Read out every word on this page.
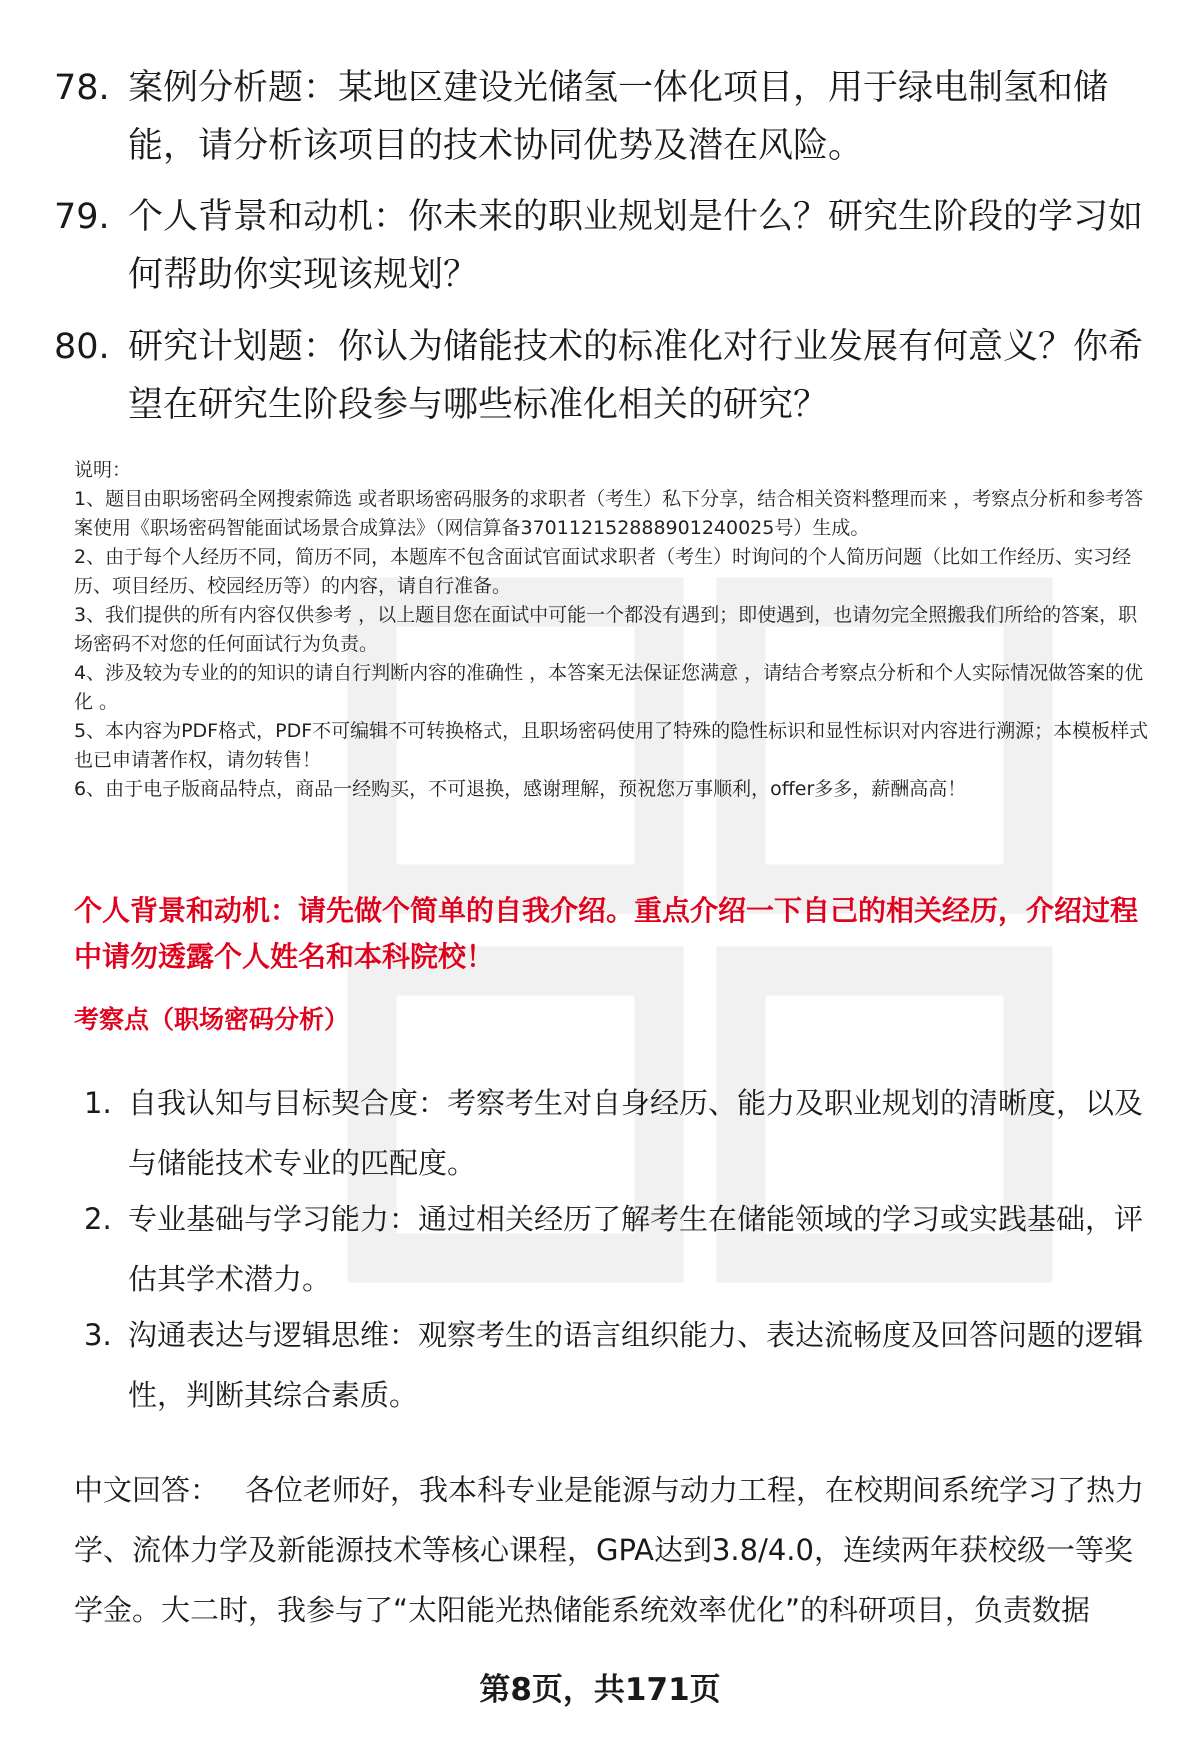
78. 案例分析题：某地区建设光储氢一体化项目，用于绿电制氢和储能，请分析该项目的技术协同优势及潜在风险。
79. 个人背景和动机：你未来的职业规划是什么？研究生阶段的学习如何帮助你实现该规划？
80. 研究计划题：你认为储能技术的标准化对行业发展有何意义？你希望在研究生阶段参与哪些标准化相关的研究？

说明：

1、题目由职场密码全网搜索筛选 或者职场密码服务的求职者（考生）私下分享，结合相关资料整理而来 ，考察点分析和参考答案使用《职场密码智能面试场景合成算法》（网信算备370112152888901240025号）生成。

2、由于每个人经历不同，简历不同，本题库不包含面试官面试求职者（考生）时询问的个人简历问题（比如工作经历、实习经历、项目经历、校园经历等）的内容，请自行准备。

3、我们提供的所有内容仅供参考 ，以上题目您在面试中可能一个都没有遇到；即使遇到，也请勿完全照搬我们所给的答案，职场密码不对您的任何面试行为负责。

4、涉及较为专业的的知识的请自行判断内容的准确性 ，本答案无法保证您满意 ，请结合考察点分析和个人实际情况做答案的优化 。

5、本内容为PDF格式，PDF不可编辑不可转换格式，且职场密码使用了特殊的隐性标识和显性标识对内容进行溯源；本模板样式也已申请著作权，请勿转售！

6、由于电子版商品特点，商品一经购买，不可退换，感谢理解，预祝您万事顺利，offer多多，薪酬高高！

个人背景和动机：请先做个简单的自我介绍。重点介绍一下自己的相关经历，介绍过程中请勿透露个人姓名和本科院校！
考察点（职场密码分析）
1. 自我认知与目标契合度：考察考生对自身经历、能力及职业规划的清晰度，以及与储能技术专业的匹配度。
2. 专业基础与学习能力：通过相关经历了解考生在储能领域的学习或实践基础，评估其学术潜力。
3. 沟通表达与逻辑思维：观察考生的语言组织能力、表达流畅度及回答问题的逻辑性，判断其综合素质。
中文回答： 各位老师好，我本科专业是能源与动力工程，在校期间系统学习了热力学、流体力学及新能源技术等核心课程，GPA达到3.8/4.0，连续两年获校级一等奖学金。大二时，我参与了“太阳能光热储能系统效率优化”的科研项目，负责数据
第8页，共171页
